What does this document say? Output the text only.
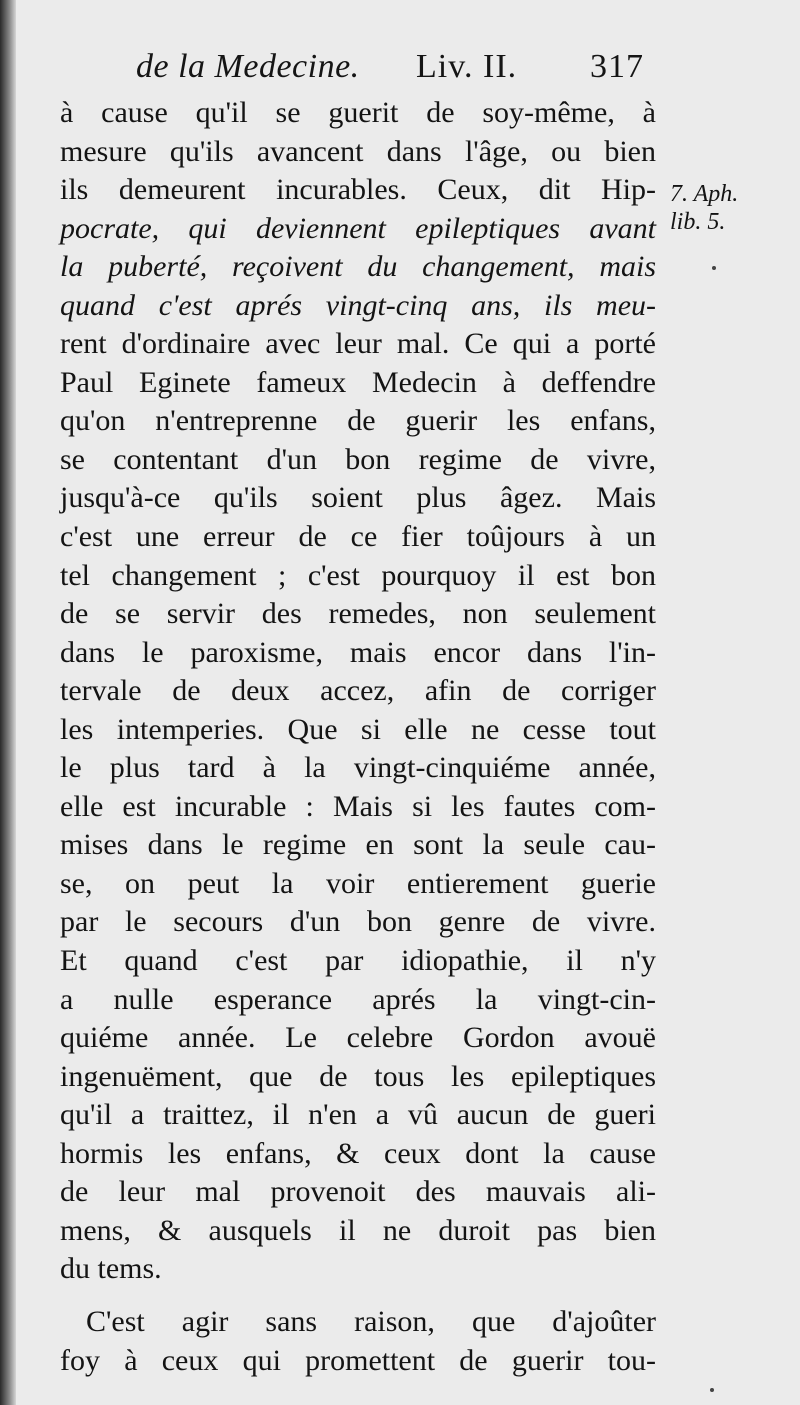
de la Medecine. Liv. II. 317
à cause qu'il se guerit de soy-même, à
mesure qu'ils avancent dans l'âge, ou bien
ils demeurent incurables. Ceux, dit Hip-
pocrate, qui deviennent epileptiques avant
la puberté, reçoivent du changement, mais
quand c'est aprés vingt-cinq ans, ils meu-
rent d'ordinaire avec leur mal. Ce qui a porté
Paul Eginete fameux Medecin à deffendre
qu'on n'entreprenne de guerir les enfans,
se contentant d'un bon regime de vivre,
jusqu'à-ce qu'ils soient plus âgez. Mais
c'est une erreur de ce fier toûjours à un
tel changement ; c'est pourquoy il est bon
de se servir des remedes, non seulement
dans le paroxisme, mais encor dans l'in-
tervale de deux accez, afin de corriger
les intemperies. Que si elle ne cesse tout
le plus tard à la vingt-cinquiéme année,
elle est incurable : Mais si les fautes com-
mises dans le regime en sont la seule cau-
se, on peut la voir entierement guerie
par le secours d'un bon genre de vivre.
Et quand c'est par idiopathie, il n'y
a nulle esperance aprés la vingt-cin-
quiéme année. Le celebre Gordon avouë
ingenuëment, que de tous les epileptiques
qu'il a traittez, il n'en a vû aucun de gueri
hormis les enfans, & ceux dont la cause
de leur mal provenoit des mauvais ali-
mens, & ausquels il ne duroit pas bien
du tems.
C'est agir sans raison, que d'ajoûter
foy à ceux qui promettent de guerir tou-
7. Aph.
lib. 5.
